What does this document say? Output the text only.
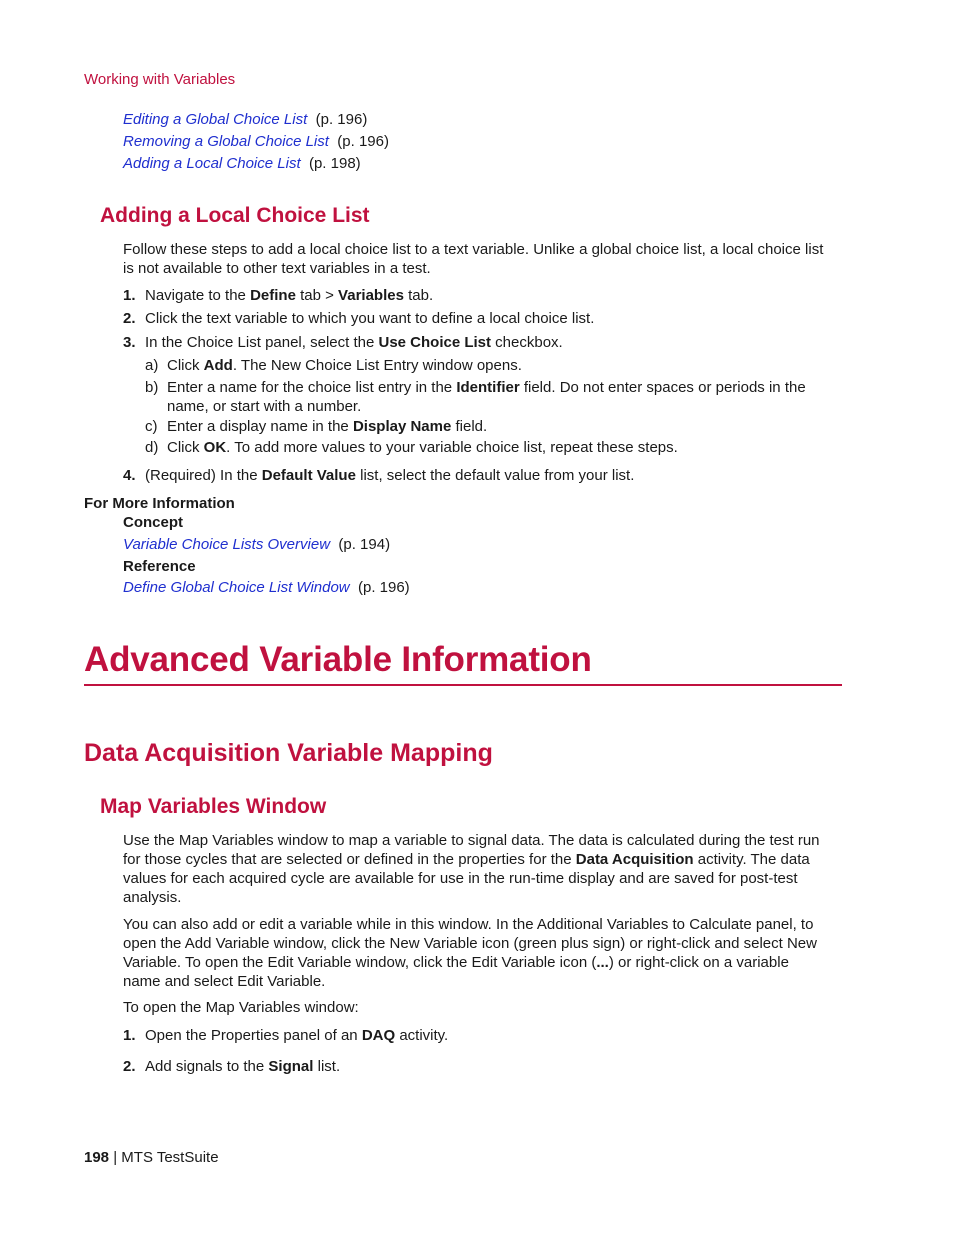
Working with Variables
Editing a Global Choice List (p. 196)
Removing a Global Choice List (p. 196)
Adding a Local Choice List (p. 198)
Adding a Local Choice List
Follow these steps to add a local choice list to a text variable. Unlike a global choice list, a local choice list
is not available to other text variables in a test.
1. Navigate to the Define tab > Variables tab.
2. Click the text variable to which you want to define a local choice list.
3. In the Choice List panel, select the Use Choice List checkbox.
a) Click Add. The New Choice List Entry window opens.
b) Enter a name for the choice list entry in the Identifier field. Do not enter spaces or periods in the
name, or start with a number.
c) Enter a display name in the Display Name field.
d) Click OK. To add more values to your variable choice list, repeat these steps.
4. (Required) In the Default Value list, select the default value from your list.
For More Information
Concept
Variable Choice Lists Overview (p. 194)
Reference
Define Global Choice List Window (p. 196)
Advanced Variable Information
Data Acquisition Variable Mapping
Map Variables Window
Use the Map Variables window to map a variable to signal data. The data is calculated during the test run
for those cycles that are selected or defined in the properties for the Data Acquisition activity. The data
values for each acquired cycle are available for use in the run-time display and are saved for post-test
analysis.
You can also add or edit a variable while in this window. In the Additional Variables to Calculate panel, to
open the Add Variable window, click the New Variable icon (green plus sign) or right-click and select New
Variable. To open the Edit Variable window, click the Edit Variable icon (...) or right-click on a variable
name and select Edit Variable.
To open the Map Variables window:
1. Open the Properties panel of an DAQ activity.
2. Add signals to the Signal list.
198 | MTS TestSuite
